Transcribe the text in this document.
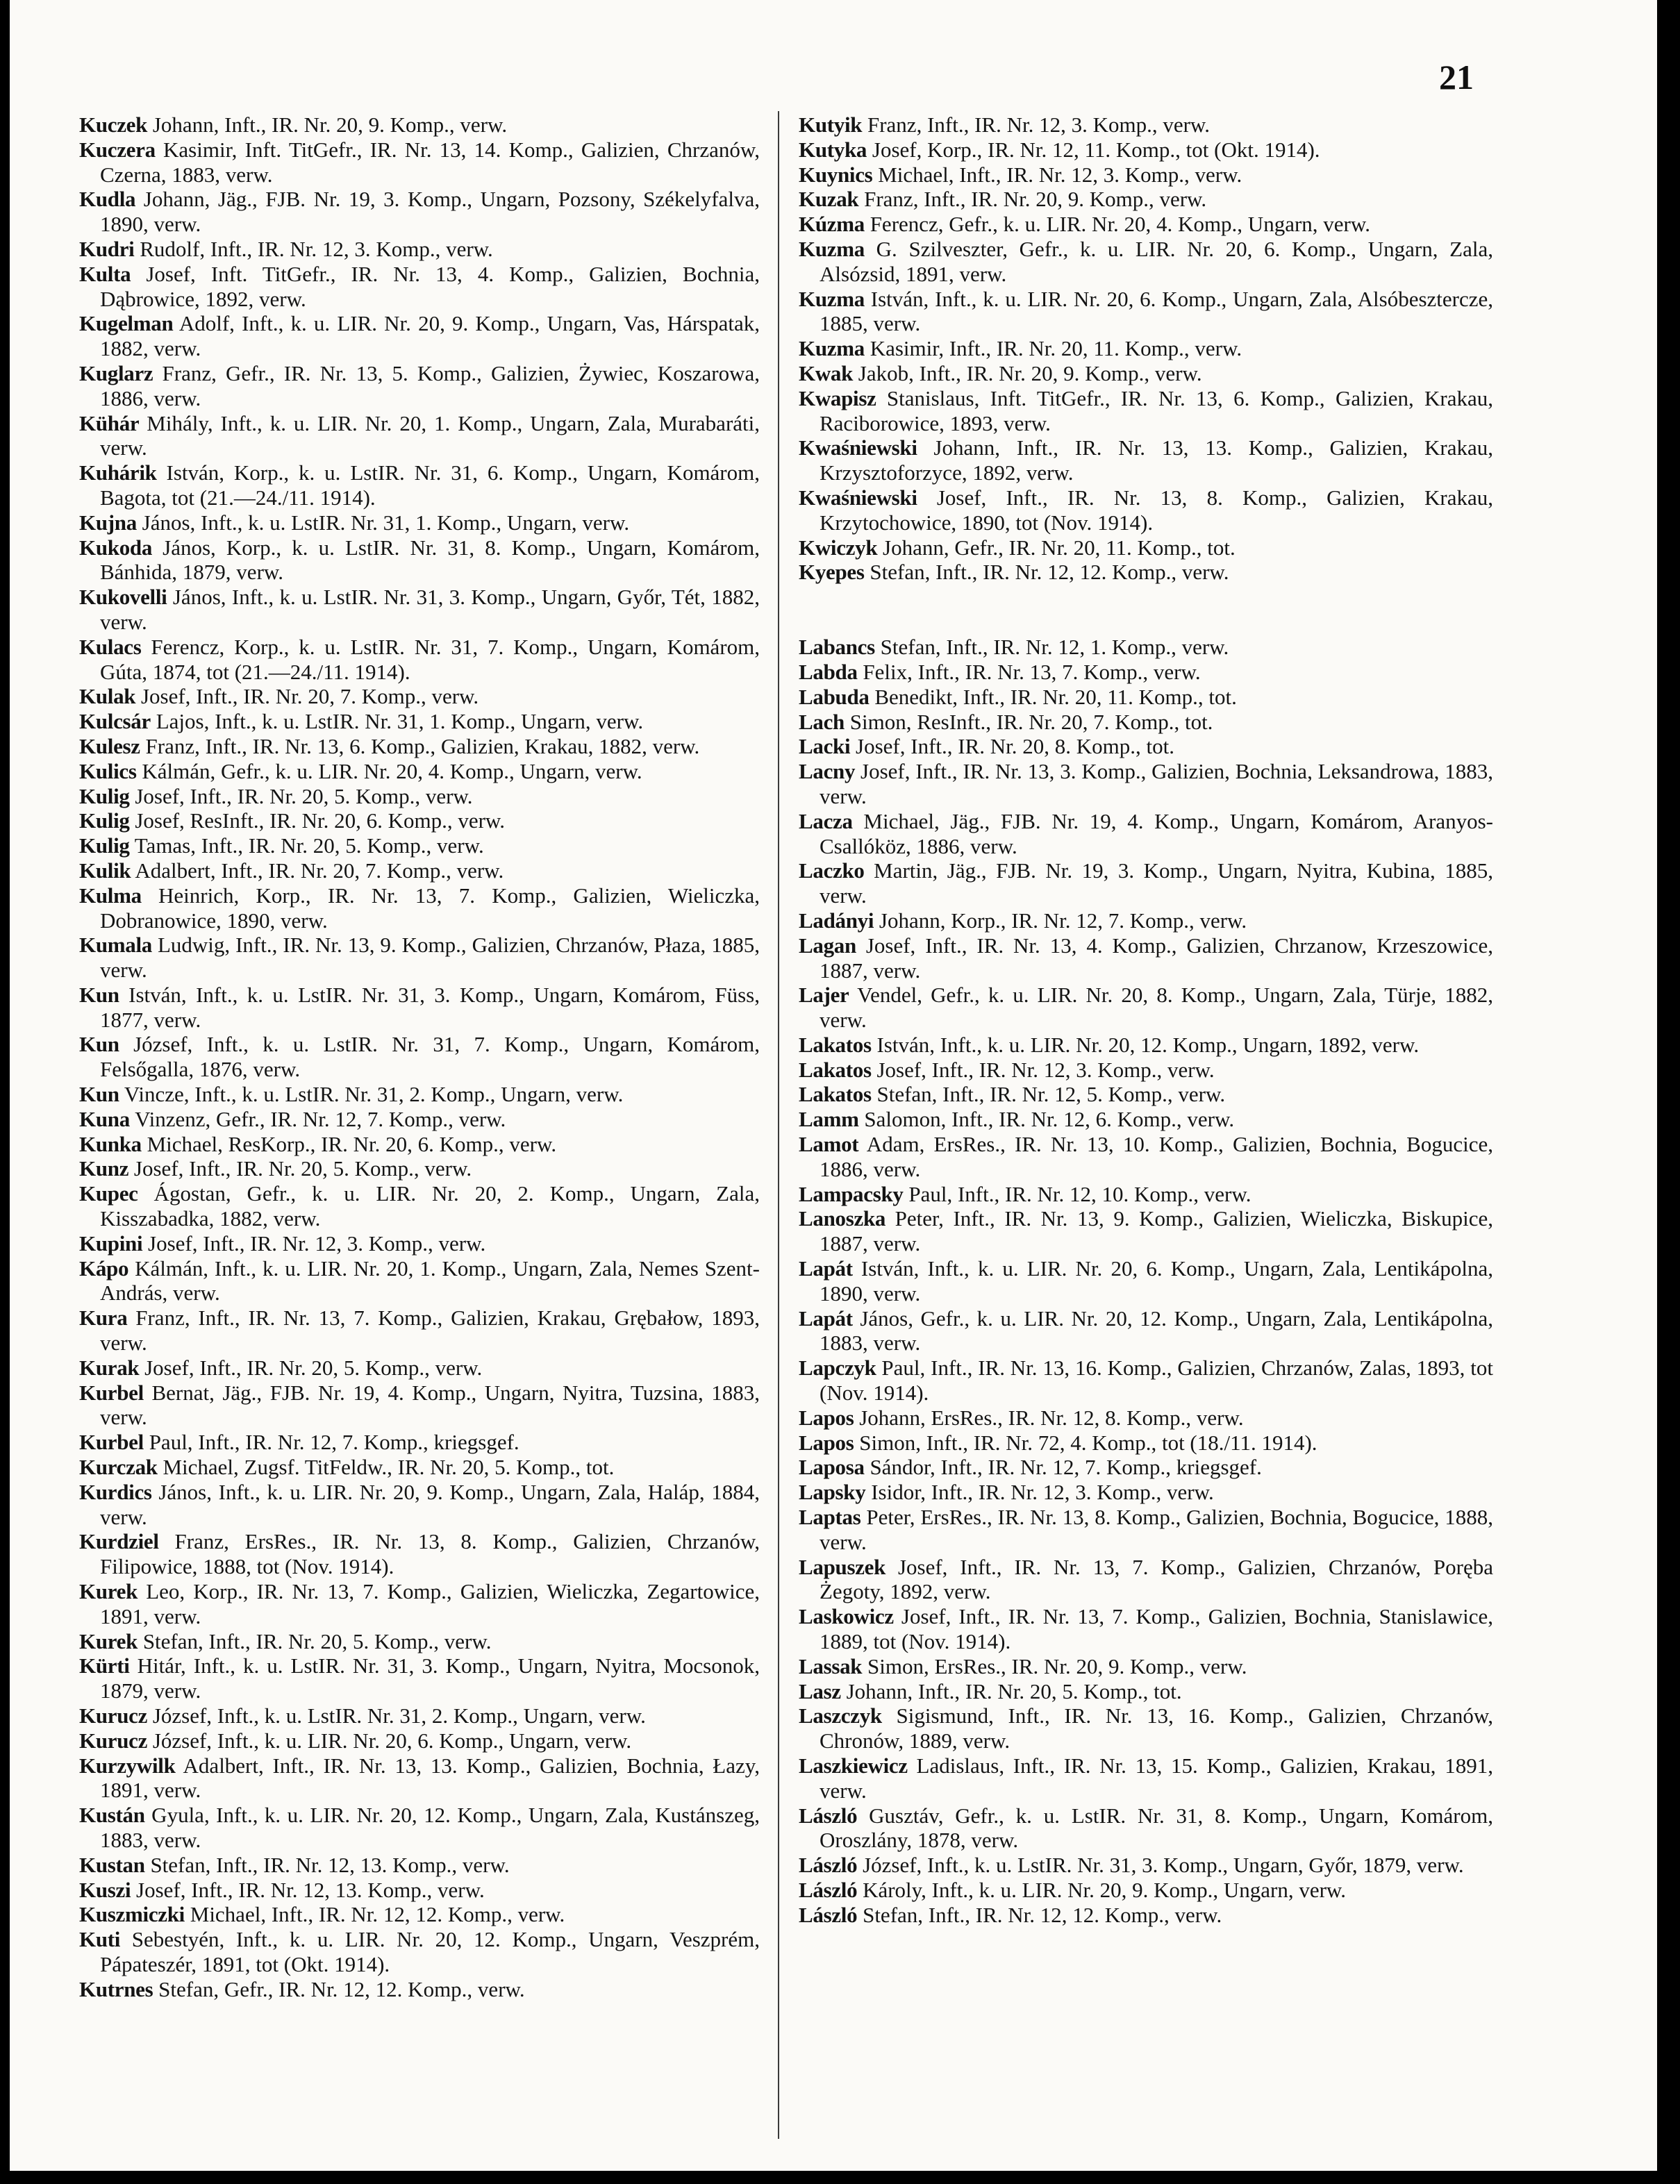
21

Kuczek Johann, Inft., IR. Nr. 20, 9. Komp., verw.

Kuczera Kasimir, Inft. TitGefr., IR. Nr. 13, 14. Komp., Galizien, Chrzanów, Czerna, 1883, verw.

Kudla Johann, Jäg., FJB. Nr. 19, 3. Komp., Ungarn, Pozsony, Székelyfalva, 1890, verw.

Kudri Rudolf, Inft., IR. Nr. 12, 3. Komp., verw.

Kulta Josef, Inft. TitGefr., IR. Nr. 13, 4. Komp., Galizien, Bochnia, Dąbrowice, 1892, verw.

Kugelman Adolf, Inft., k. u. LIR. Nr. 20, 9. Komp., Ungarn, Vas, Hárspatak, 1882, verw.

Kuglarz Franz, Gefr., IR. Nr. 13, 5. Komp., Galizien, Żywiec, Koszarowa, 1886, verw.

Kühár Mihály, Inft., k. u. LIR. Nr. 20, 1. Komp., Ungarn, Zala, Murabaráti, verw.

Kuhárik István, Korp., k. u. LstIR. Nr. 31, 6. Komp., Ungarn, Komárom, Bagota, tot (21.—24./11. 1914).

Kujna János, Inft., k. u. LstIR. Nr. 31, 1. Komp., Ungarn, verw.

Kukoda János, Korp., k. u. LstIR. Nr. 31, 8. Komp., Ungarn, Komárom, Bánhida, 1879, verw.

Kukovelli János, Inft., k. u. LstIR. Nr. 31, 3. Komp., Ungarn, Győr, Tét, 1882, verw.

Kulacs Ferencz, Korp., k. u. LstIR. Nr. 31, 7. Komp., Ungarn, Komárom, Gúta, 1874, tot (21.—24./11. 1914).

Kulak Josef, Inft., IR. Nr. 20, 7. Komp., verw.

Kulcsár Lajos, Inft., k. u. LstIR. Nr. 31, 1. Komp., Ungarn, verw.

Kulesz Franz, Inft., IR. Nr. 13, 6. Komp., Galizien, Krakau, 1882, verw.

Kulics Kálmán, Gefr., k. u. LIR. Nr. 20, 4. Komp., Ungarn, verw.

Kulig Josef, Inft., IR. Nr. 20, 5. Komp., verw.

Kulig Josef, ResInft., IR. Nr. 20, 6. Komp., verw.

Kulig Tamas, Inft., IR. Nr. 20, 5. Komp., verw.

Kulik Adalbert, Inft., IR. Nr. 20, 7. Komp., verw.

Kulma Heinrich, Korp., IR. Nr. 13, 7. Komp., Galizien, Wieliczka, Dobranowice, 1890, verw.

Kumala Ludwig, Inft., IR. Nr. 13, 9. Komp., Galizien, Chrzanów, Płaza, 1885, verw.

Kun István, Inft., k. u. LstIR. Nr. 31, 3. Komp., Ungarn, Komárom, Füss, 1877, verw.

Kun József, Inft., k. u. LstIR. Nr. 31, 7. Komp., Ungarn, Komárom, Felsőgalla, 1876, verw.

Kun Vincze, Inft., k. u. LstIR. Nr. 31, 2. Komp., Ungarn, verw.

Kuna Vinzenz, Gefr., IR. Nr. 12, 7. Komp., verw.

Kunka Michael, ResKorp., IR. Nr. 20, 6. Komp., verw.

Kunz Josef, Inft., IR. Nr. 20, 5. Komp., verw.

Kupec Ágostan, Gefr., k. u. LIR. Nr. 20, 2. Komp., Ungarn, Zala, Kisszabadka, 1882, verw.

Kupini Josef, Inft., IR. Nr. 12, 3. Komp., verw.

Kápo Kálmán, Inft., k. u. LIR. Nr. 20, 1. Komp., Ungarn, Zala, Nemes Szent-András, verw.

Kura Franz, Inft., IR. Nr. 13, 7. Komp., Galizien, Krakau, Grębałow, 1893, verw.

Kurak Josef, Inft., IR. Nr. 20, 5. Komp., verw.

Kurbel Bernat, Jäg., FJB. Nr. 19, 4. Komp., Ungarn, Nyitra, Tuzsina, 1883, verw.

Kurbel Paul, Inft., IR. Nr. 12, 7. Komp., kriegsgef.

Kurczak Michael, Zugsf. TitFeldw., IR. Nr. 20, 5. Komp., tot.

Kurdics János, Inft., k. u. LIR. Nr. 20, 9. Komp., Ungarn, Zala, Haláp, 1884, verw.

Kurdziel Franz, ErsRes., IR. Nr. 13, 8. Komp., Galizien, Chrzanów, Filipowice, 1888, tot (Nov. 1914).

Kurek Leo, Korp., IR. Nr. 13, 7. Komp., Galizien, Wieliczka, Zegartowice, 1891, verw.

Kurek Stefan, Inft., IR. Nr. 20, 5. Komp., verw.

Kürti Hitár, Inft., k. u. LstIR. Nr. 31, 3. Komp., Ungarn, Nyitra, Mocsonok, 1879, verw.

Kurucz József, Inft., k. u. LstIR. Nr. 31, 2. Komp., Ungarn, verw.

Kurucz József, Inft., k. u. LIR. Nr. 20, 6. Komp., Ungarn, verw.

Kurzywilk Adalbert, Inft., IR. Nr. 13, 13. Komp., Galizien, Bochnia, Łazy, 1891, verw.

Kustán Gyula, Inft., k. u. LIR. Nr. 20, 12. Komp., Ungarn, Zala, Kustánszeg, 1883, verw.

Kustan Stefan, Inft., IR. Nr. 12, 13. Komp., verw.

Kuszi Josef, Inft., IR. Nr. 12, 13. Komp., verw.

Kuszmiczki Michael, Inft., IR. Nr. 12, 12. Komp., verw.

Kuti Sebestyén, Inft., k. u. LIR. Nr. 20, 12. Komp., Ungarn, Veszprém, Pápateszér, 1891, tot (Okt. 1914).

Kutrnes Stefan, Gefr., IR. Nr. 12, 12. Komp., verw.

Kutyik Franz, Inft., IR. Nr. 12, 3. Komp., verw.

Kutyka Josef, Korp., IR. Nr. 12, 11. Komp., tot (Okt. 1914).

Kuynics Michael, Inft., IR. Nr. 12, 3. Komp., verw.

Kuzak Franz, Inft., IR. Nr. 20, 9. Komp., verw.

Kúzma Ferencz, Gefr., k. u. LIR. Nr. 20, 4. Komp., Ungarn, verw.

Kuzma G. Szilveszter, Gefr., k. u. LIR. Nr. 20, 6. Komp., Ungarn, Zala, Alsózsid, 1891, verw.

Kuzma István, Inft., k. u. LIR. Nr. 20, 6. Komp., Ungarn, Zala, Alsóbesztercze, 1885, verw.

Kuzma Kasimir, Inft., IR. Nr. 20, 11. Komp., verw.

Kwak Jakob, Inft., IR. Nr. 20, 9. Komp., verw.

Kwapisz Stanislaus, Inft. TitGefr., IR. Nr. 13, 6. Komp., Galizien, Krakau, Raciborowice, 1893, verw.

Kwaśniewski Johann, Inft., IR. Nr. 13, 13. Komp., Galizien, Krakau, Krzysztoforzyce, 1892, verw.

Kwaśniewski Josef, Inft., IR. Nr. 13, 8. Komp., Galizien, Krakau, Krzytochowice, 1890, tot (Nov. 1914).

Kwiczyk Johann, Gefr., IR. Nr. 20, 11. Komp., tot.

Kyepes Stefan, Inft., IR. Nr. 12, 12. Komp., verw.

Labancs Stefan, Inft., IR. Nr. 12, 1. Komp., verw.

Labda Felix, Inft., IR. Nr. 13, 7. Komp., verw.

Labuda Benedikt, Inft., IR. Nr. 20, 11. Komp., tot.

Lach Simon, ResInft., IR. Nr. 20, 7. Komp., tot.

Lacki Josef, Inft., IR. Nr. 20, 8. Komp., tot.

Lacny Josef, Inft., IR. Nr. 13, 3. Komp., Galizien, Bochnia, Leksandrowa, 1883, verw.

Lacza Michael, Jäg., FJB. Nr. 19, 4. Komp., Ungarn, Komárom, Aranyos-Csallóköz, 1886, verw.

Laczko Martin, Jäg., FJB. Nr. 19, 3. Komp., Ungarn, Nyitra, Kubina, 1885, verw.

Ladányi Johann, Korp., IR. Nr. 12, 7. Komp., verw.

Lagan Josef, Inft., IR. Nr. 13, 4. Komp., Galizien, Chrzanow, Krzeszowice, 1887, verw.

Lajer Vendel, Gefr., k. u. LIR. Nr. 20, 8. Komp., Ungarn, Zala, Türje, 1882, verw.

Lakatos István, Inft., k. u. LIR. Nr. 20, 12. Komp., Ungarn, 1892, verw.

Lakatos Josef, Inft., IR. Nr. 12, 3. Komp., verw.

Lakatos Stefan, Inft., IR. Nr. 12, 5. Komp., verw.

Lamm Salomon, Inft., IR. Nr. 12, 6. Komp., verw.

Lamot Adam, ErsRes., IR. Nr. 13, 10. Komp., Galizien, Bochnia, Bogucice, 1886, verw.

Lampacsky Paul, Inft., IR. Nr. 12, 10. Komp., verw.

Lanoszka Peter, Inft., IR. Nr. 13, 9. Komp., Galizien, Wieliczka, Biskupice, 1887, verw.

Lapát István, Inft., k. u. LIR. Nr. 20, 6. Komp., Ungarn, Zala, Lentikápolna, 1890, verw.

Lapát János, Gefr., k. u. LIR. Nr. 20, 12. Komp., Ungarn, Zala, Lentikápolna, 1883, verw.

Lapczyk Paul, Inft., IR. Nr. 13, 16. Komp., Galizien, Chrzanów, Zalas, 1893, tot (Nov. 1914).

Lapos Johann, ErsRes., IR. Nr. 12, 8. Komp., verw.

Lapos Simon, Inft., IR. Nr. 72, 4. Komp., tot (18./11. 1914).

Laposa Sándor, Inft., IR. Nr. 12, 7. Komp., kriegsgef.

Lapsky Isidor, Inft., IR. Nr. 12, 3. Komp., verw.

Laptas Peter, ErsRes., IR. Nr. 13, 8. Komp., Galizien, Bochnia, Bogucice, 1888, verw.

Lapuszek Josef, Inft., IR. Nr. 13, 7. Komp., Galizien, Chrzanów, Poręba Żegoty, 1892, verw.

Laskowicz Josef, Inft., IR. Nr. 13, 7. Komp., Galizien, Bochnia, Stanislawice, 1889, tot (Nov. 1914).

Lassak Simon, ErsRes., IR. Nr. 20, 9. Komp., verw.

Lasz Johann, Inft., IR. Nr. 20, 5. Komp., tot.

Laszczyk Sigismund, Inft., IR. Nr. 13, 16. Komp., Galizien, Chrzanów, Chronów, 1889, verw.

Laszkiewicz Ladislaus, Inft., IR. Nr. 13, 15. Komp., Galizien, Krakau, 1891, verw.

László Gusztáv, Gefr., k. u. LstIR. Nr. 31, 8. Komp., Ungarn, Komárom, Oroszlány, 1878, verw.

László József, Inft., k. u. LstIR. Nr. 31, 3. Komp., Ungarn, Győr, 1879, verw.

László Károly, Inft., k. u. LIR. Nr. 20, 9. Komp., Ungarn, verw.

László Stefan, Inft., IR. Nr. 12, 12. Komp., verw.
